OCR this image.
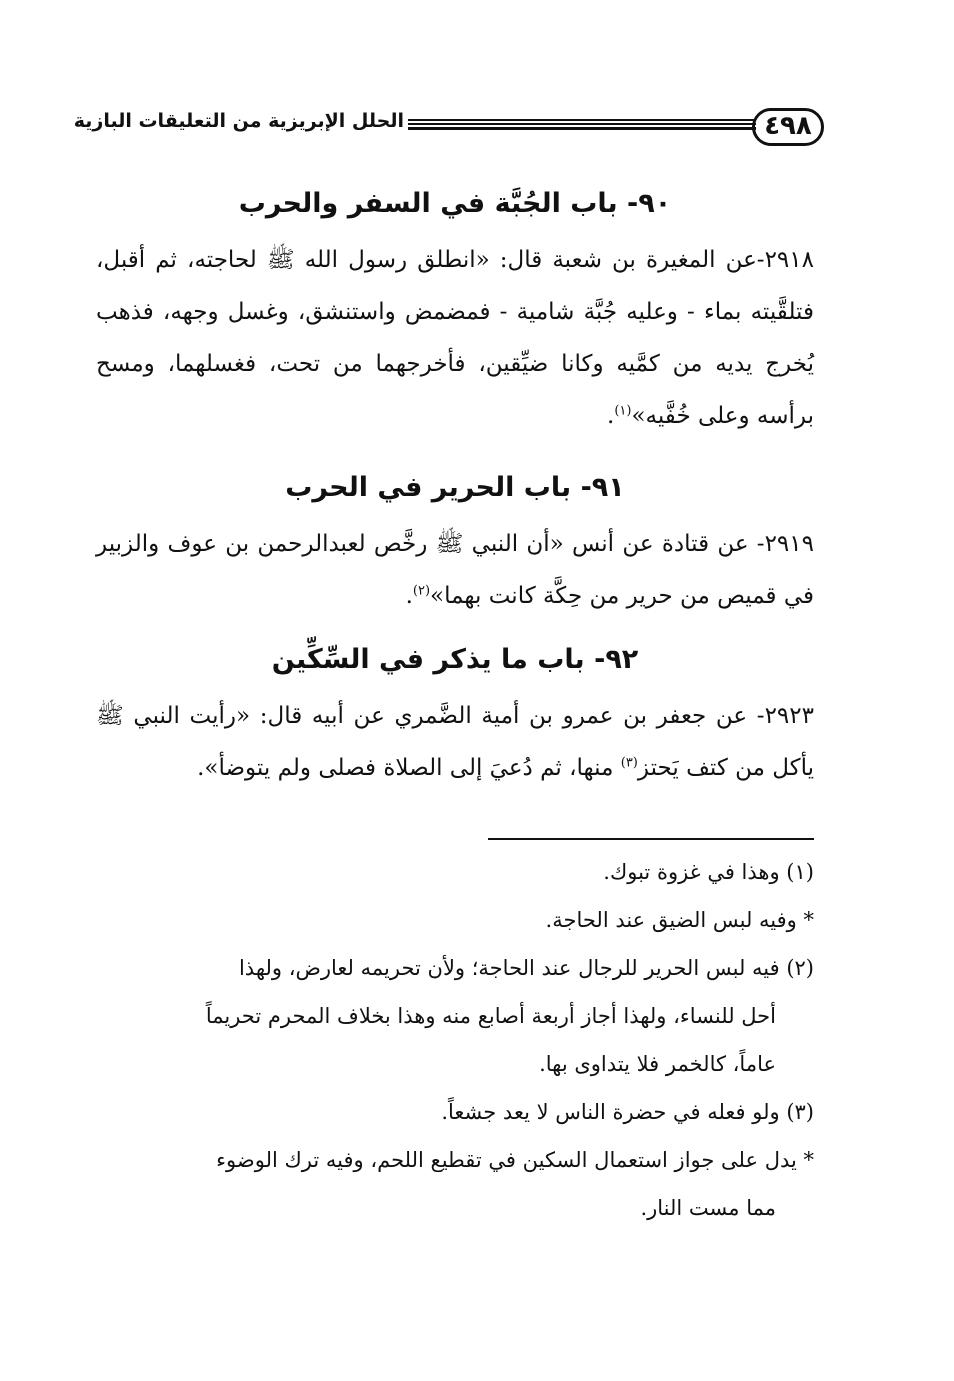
٤٩٨
الحلل الإبريزية من التعليقات البازية
٩٠- باب الجُبَّة في السفر والحرب

٢٩١٨-عن المغيرة بن شعبة قال: «انطلق رسول الله ﷺ لحاجته، ثم أقبل، فتلقَّيته بماء - وعليه جُبَّة شامية - فمضمض واستنشق، وغسل وجهه، فذهب يُخرج يديه من كمَّيه وكانا ضيِّقين، فأخرجهما من تحت، فغسلهما، ومسح برأسه وعلى خُفَّيه»$^{(١)}$.

٩١- باب الحرير في الحرب

٢٩١٩- عن قتادة عن أنس «أن النبي ﷺ رخَّص لعبدالرحمن بن عوف والزبير في قميص من حرير من حِكَّة كانت بهما»$^{(٢)}$.

٩٢- باب ما يذكر في السِّكِّين

٢٩٢٣- عن جعفر بن عمرو بن أمية الضَّمري عن أبيه قال: «رأيت النبي ﷺ يأكل من كتف يَحتز$^{(٣)}$ منها، ثم دُعيَ إلى الصلاة فصلى ولم يتوضأ».

(١) وهذا في غزوة تبوك.

* وفيه لبس الضيق عند الحاجة.

(٢) فيه لبس الحرير للرجال عند الحاجة؛ ولأن تحريمه لعارض، ولهذا

أحل للنساء، ولهذا أجاز أربعة أصابع منه وهذا بخلاف المحرم تحريماً

عاماً، كالخمر فلا يتداوى بها.

(٣) ولو فعله في حضرة الناس لا يعد جشعاً.

* يدل على جواز استعمال السكين في تقطيع اللحم، وفيه ترك الوضوء

مما مست النار.
